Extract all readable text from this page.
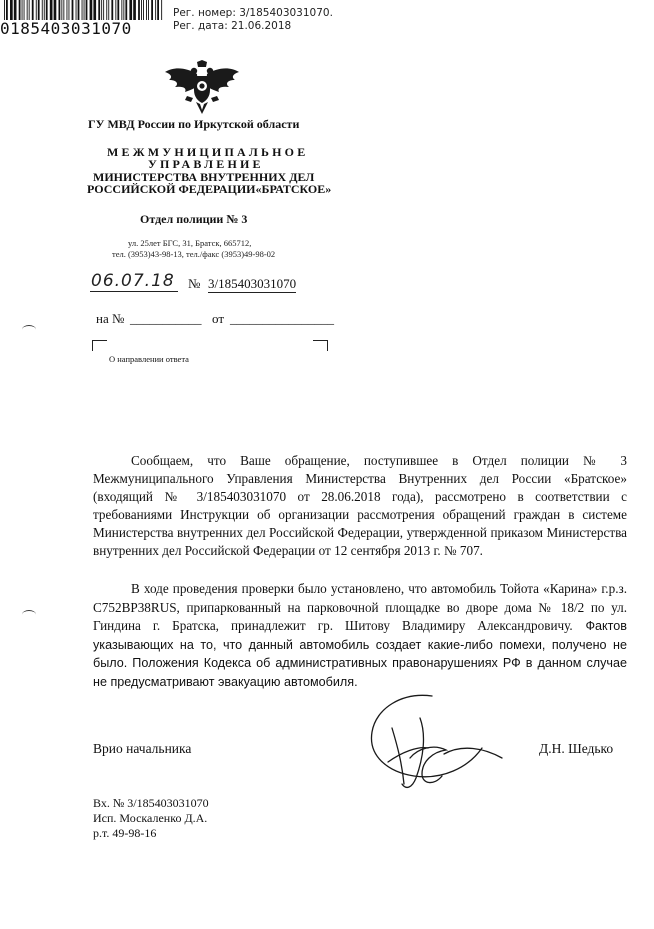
0185403031070
Рег. номер: 3/185403031070.
Рег. дата: 21.06.2018
ГУ МВД России по Иркутской области
МЕЖМУНИЦИПАЛЬНОЕ
УПРАВЛЕНИЕ
МИНИСТЕРСТВА ВНУТРЕННИХ ДЕЛ
РОССИЙСКОЙ ФЕДЕРАЦИИ«БРАТСКОЕ»
Отдел полиции № 3
ул. 25лет БГС, 31, Братск, 665712,
тел. (3953)43-98-13, тел./факс (3953)49-98-02
06.07.18 № 3/185403031070
на № ___________ от ________________
О направлении ответа
Сообщаем, что Ваше обращение, поступившее в Отдел полиции № 3 Межмуниципального Управления Министерства Внутренних дел России «Братское» (входящий № 3/185403031070 от 28.06.2018 года), рассмотрено в соответствии с требованиями Инструкции об организации рассмотрения обращений граждан в системе Министерства внутренних дел Российской Федерации, утвержденной приказом Министерства внутренних дел Российской Федерации от 12 сентября 2013 г. № 707.
В ходе проведения проверки было установлено, что автомобиль Тойота «Карина» г.р.з. С752ВР38RUS, припаркованный на парковочной площадке во дворе дома № 18/2 по ул. Гиндина г. Братска, принадлежит гр. Шитову Владимиру Александровичу. Фактов указывающих на то, что данный автомобиль создает какие-либо помехи, получено не было. Положения Кодекса об административных правонарушениях РФ в данном случае не предусматривают эвакуацию автомобиля.
Врио начальника	Д.Н. Шедько
Вх. № 3/185403031070
Исп. Москаленко Д.А.
р.т. 49-98-16
